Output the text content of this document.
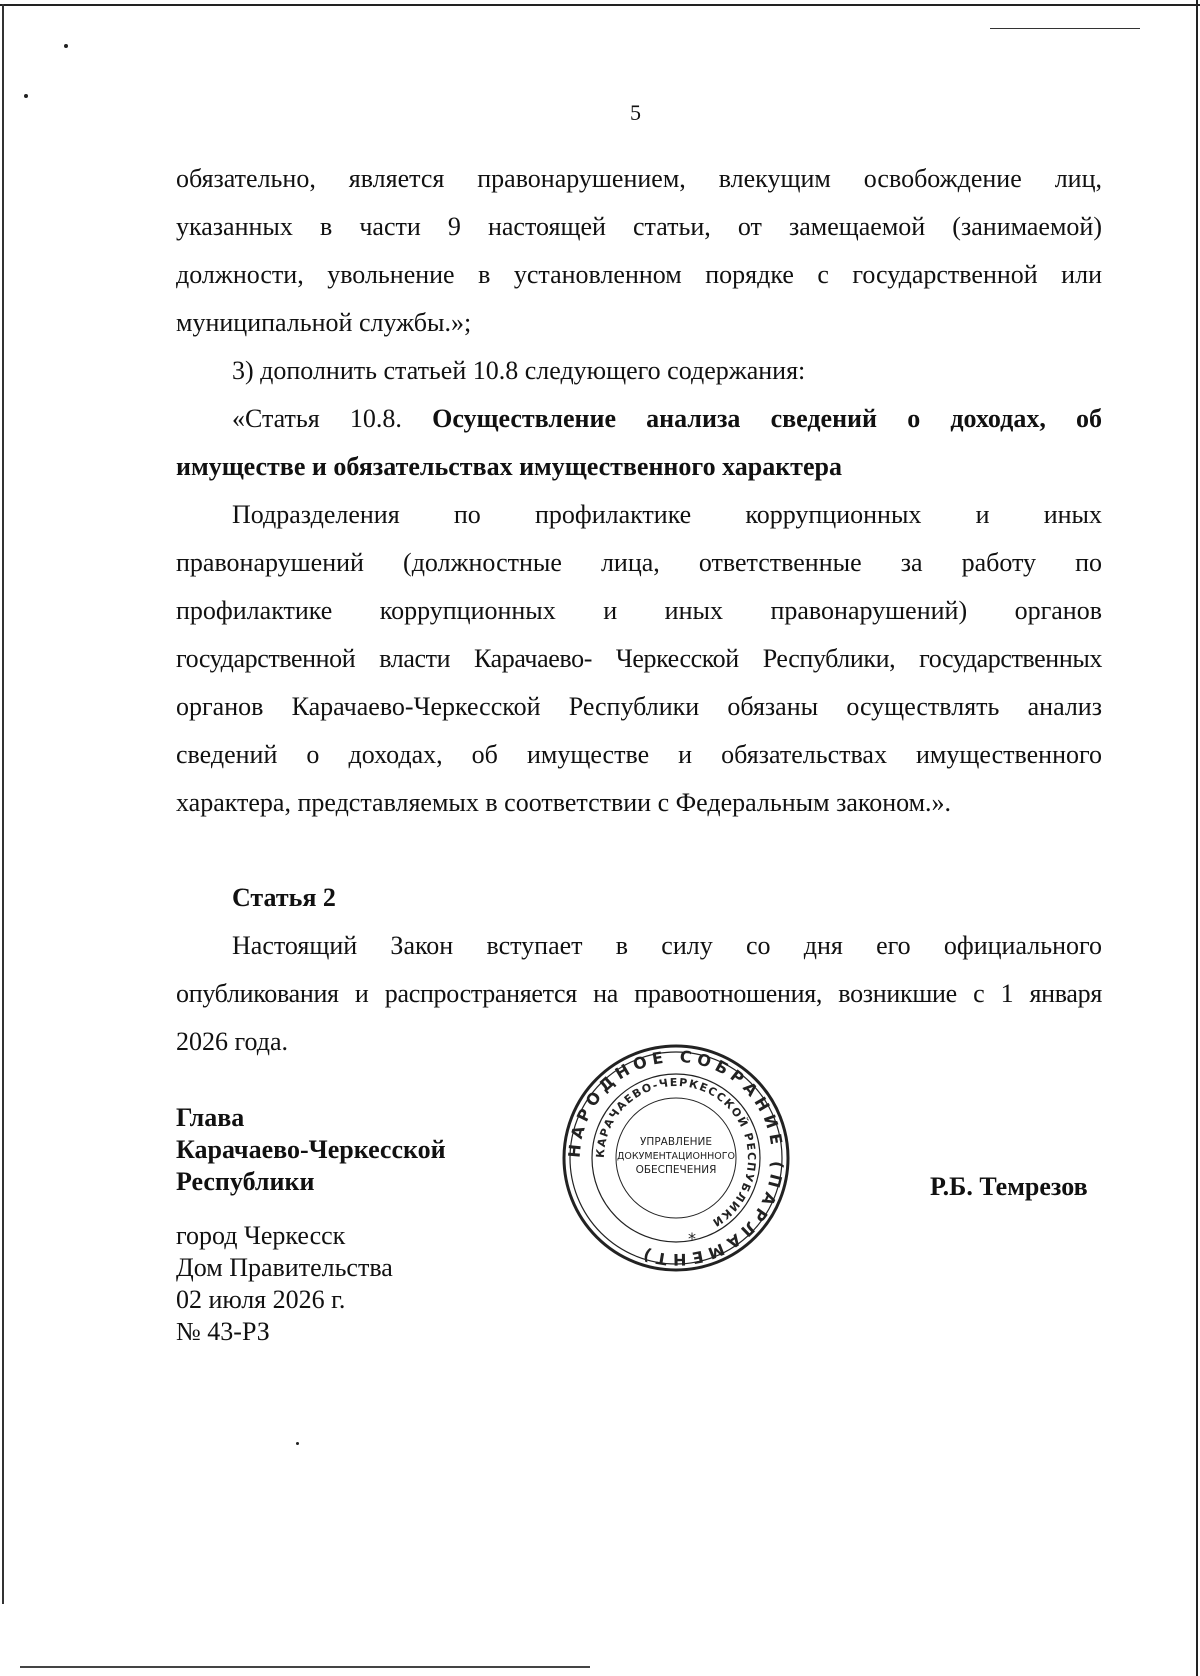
5
обязательно, является правонарушением, влекущим освобождение лиц,
указанных в части 9 настоящей статьи, от замещаемой (занимаемой)
должности, увольнение в установленном порядке с государственной или
муниципальной службы.»;
3) дополнить статьей 10.8 следующего содержания:
«Статья 10.8. Осуществление анализа сведений о доходах, об
имуществе и обязательствах имущественного характера
Подразделения по профилактике коррупционных и иных
правонарушений (должностные лица, ответственные за работу по
профилактике коррупционных и иных правонарушений) органов
государственной власти Карачаево- Черкесской Республики, государственных
органов Карачаево-Черкесской Республики обязаны осуществлять анализ
сведений о доходах, об имуществе и обязательствах имущественного
характера, представляемых в соответствии с Федеральным законом.».
Статья 2
Настоящий Закон вступает в силу со дня его официального
опубликования и распространяется на правоотношения, возникшие с 1 января
2026 года.
Глава
Карачаево-Черкесской
Республики	Р.Б. Темрезов
город Черкесск
Дом Правительства
02 июля 2026 г.
№ 43-РЗ
НАРОДНОЕ СОБРАНИЕ (ПАРЛАМЕНТ)
КАРАЧАЕВО-ЧЕРКЕССКОЙ РЕСПУБЛИКИ
УПРАВЛЕНИЕ
ДОКУМЕНТАЦИОННОГО
ОБЕСПЕЧЕНИЯ
*
